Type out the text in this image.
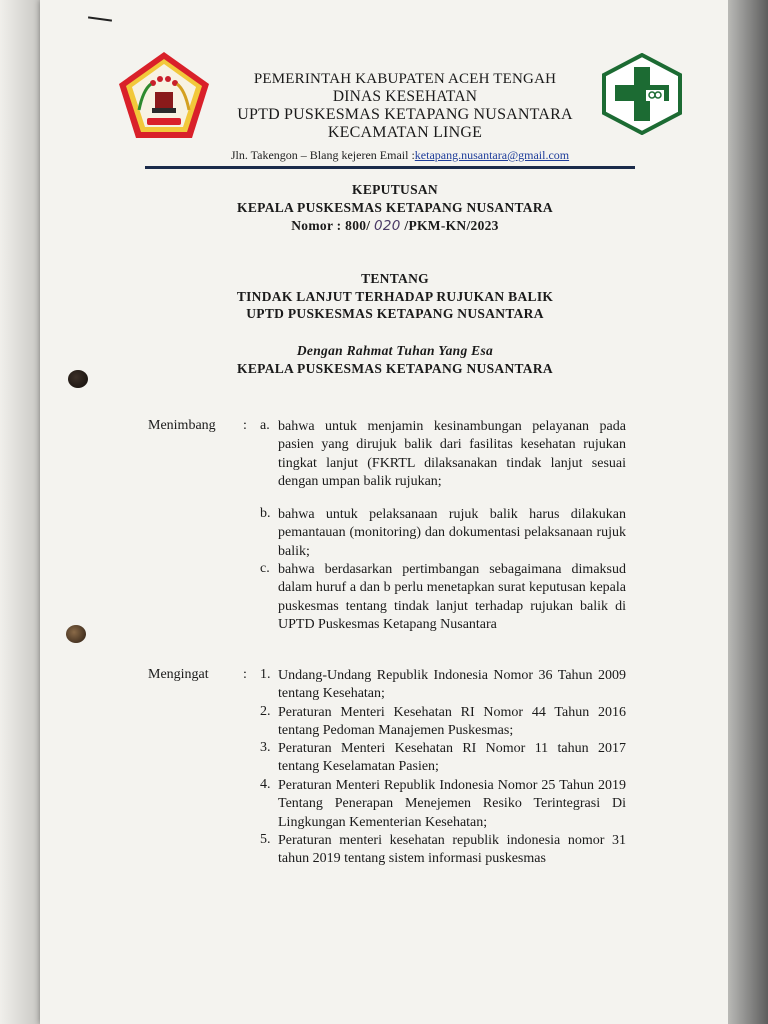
PEMERINTAH KABUPATEN ACEH TENGAH
DINAS KESEHATAN
UPTD PUSKESMAS KETAPANG NUSANTARA
KECAMATAN LINGE
Jln. Takengon – Blang kejeren Email :ketapang.nusantara@gmail.com
KEPUTUSAN
KEPALA PUSKESMAS KETAPANG NUSANTARA
Nomor : 800/ 020 /PKM-KN/2023
TENTANG
TINDAK LANJUT TERHADAP RUJUKAN BALIK
UPTD PUSKESMAS KETAPANG NUSANTARA
Dengan Rahmat Tuhan Yang Esa
KEPALA PUSKESMAS KETAPANG NUSANTARA
Menimbang	: a. bahwa untuk menjamin kesinambungan pelayanan pada pasien yang dirujuk balik dari fasilitas kesehatan rujukan tingkat lanjut (FKRTL dilaksanakan tindak lanjut sesuai dengan umpan balik rujukan;
b. bahwa untuk pelaksanaan rujuk balik harus dilakukan pemantauan (monitoring) dan dokumentasi pelaksanaan rujuk balik;
c. bahwa berdasarkan pertimbangan sebagaimana dimaksud dalam huruf a dan b perlu menetapkan surat keputusan kepala puskesmas tentang tindak lanjut terhadap rujukan balik di UPTD Puskesmas Ketapang Nusantara
Mengingat	: 1. Undang-Undang Republik Indonesia Nomor 36 Tahun 2009 tentang Kesehatan;
2. Peraturan Menteri Kesehatan RI Nomor 44 Tahun 2016 tentang Pedoman Manajemen Puskesmas;
3. Peraturan Menteri Kesehatan RI Nomor 11 tahun 2017 tentang Keselamatan Pasien;
4. Peraturan Menteri Republik Indonesia Nomor 25 Tahun 2019 Tentang Penerapan Menejemen Resiko Terintegrasi Di Lingkungan Kementerian Kesehatan;
5. Peraturan menteri kesehatan republik indonesia nomor 31 tahun 2019 tentang sistem informasi puskesmas
